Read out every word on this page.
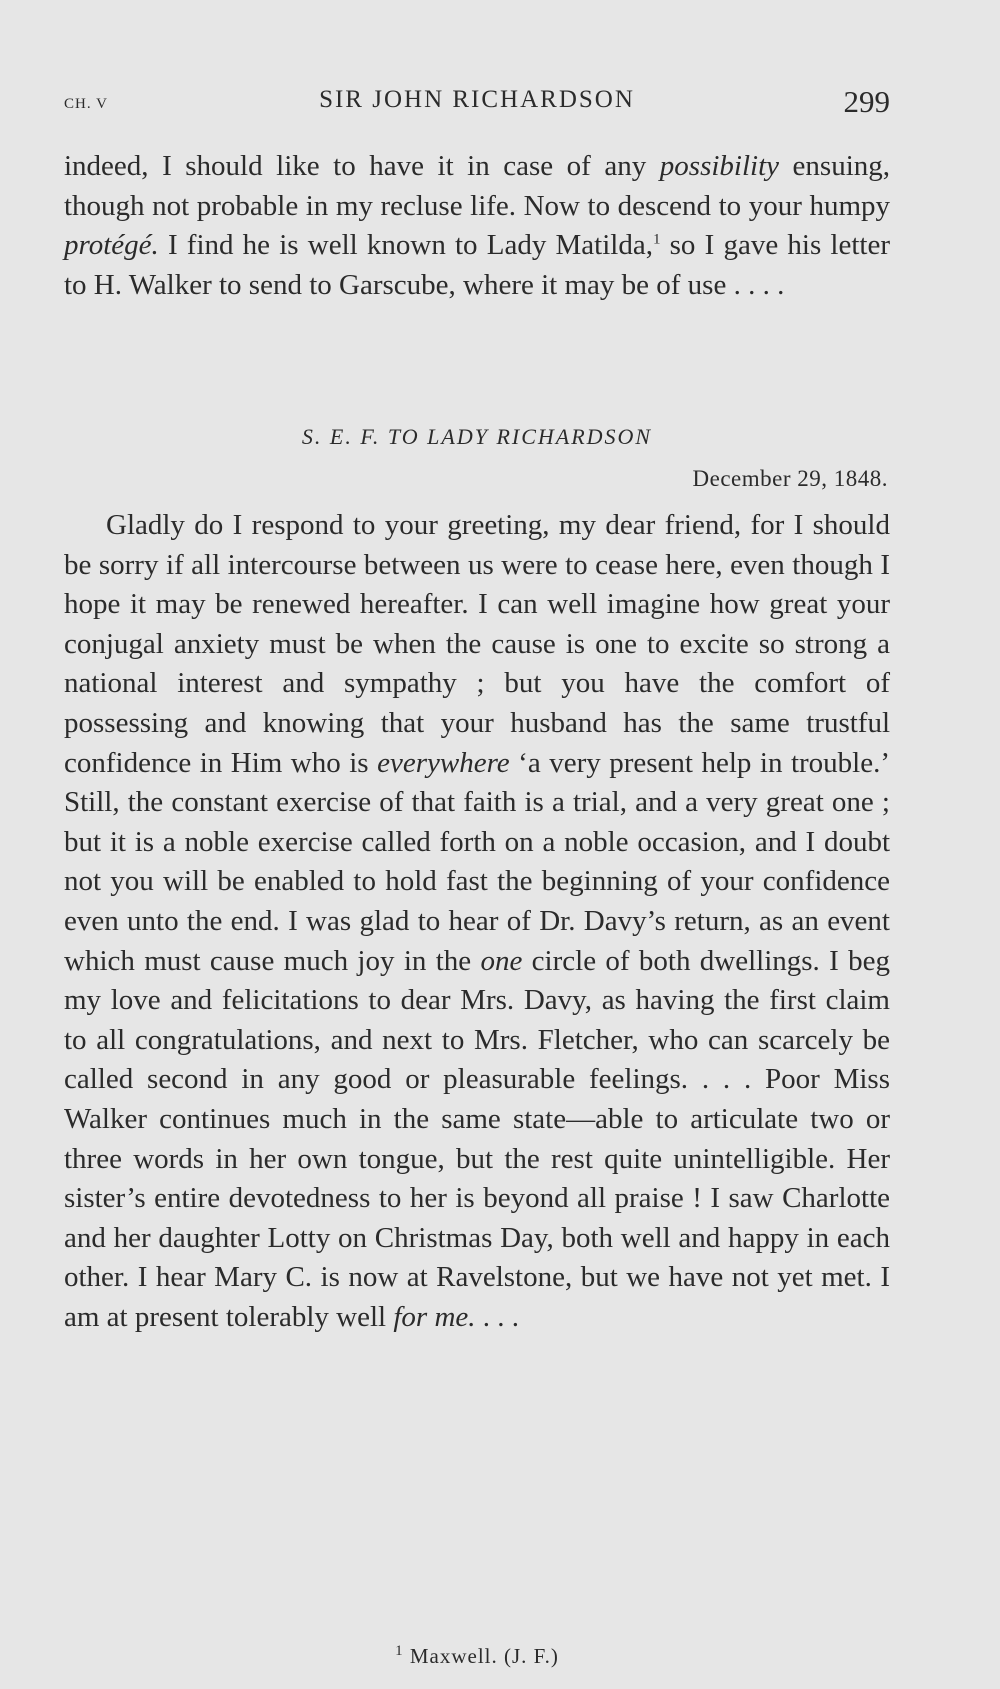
CH. V	SIR JOHN RICHARDSON	299
indeed, I should like to have it in case of any possibility ensuing, though not probable in my recluse life. Now to descend to your humpy protégé. I find he is well known to Lady Matilda,$^1$ so I gave his letter to H. Walker to send to Garscube, where it may be of use . . . .
S. E. F. TO LADY RICHARDSON
December 29, 1848.
Gladly do I respond to your greeting, my dear friend, for I should be sorry if all intercourse between us were to cease here, even though I hope it may be renewed hereafter. I can well imagine how great your conjugal anxiety must be when the cause is one to excite so strong a national interest and sympathy ; but you have the comfort of possessing and knowing that your husband has the same trustful confidence in Him who is everywhere ‘a very present help in trouble.’ Still, the constant exercise of that faith is a trial, and a very great one ; but it is a noble exercise called forth on a noble occasion, and I doubt not you will be enabled to hold fast the beginning of your confidence even unto the end. I was glad to hear of Dr. Davy’s return, as an event which must cause much joy in the one circle of both dwellings. I beg my love and felicitations to dear Mrs. Davy, as having the first claim to all congratulations, and next to Mrs. Fletcher, who can scarcely be called second in any good or pleasurable feelings. . . . Poor Miss Walker continues much in the same state—able to articulate two or three words in her own tongue, but the rest quite unintelligible. Her sister’s entire devotedness to her is beyond all praise ! I saw Charlotte and her daughter Lotty on Christmas Day, both well and happy in each other. I hear Mary C. is now at Ravelstone, but we have not yet met. I am at present tolerably well for me. . . .
$^1$ Maxwell. (J. F.)
